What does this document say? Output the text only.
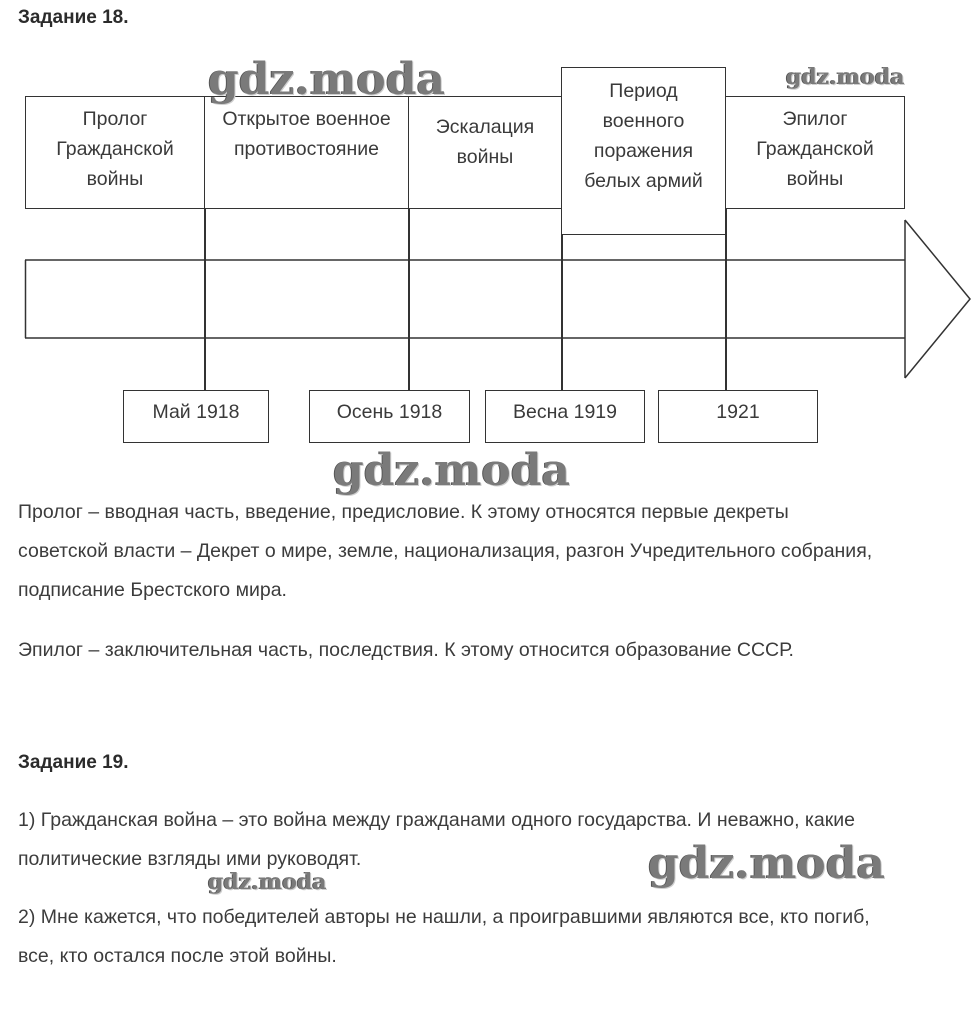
Задание 18.
Пролог Гражданской войны
Открытое военное противостояние
Эскалация войны
Период военного поражения белых армий
Эпилог Гражданской войны
Май 1918	Осень 1918	Весна 1919	1921
Пролог – вводная часть, введение, предисловие. К этому относятся первые декреты советской власти – Декрет о мире, земле, национализация, разгон Учредительного собрания, подписание Брестского мира.
Эпилог – заключительная часть, последствия. К этому относится образование СССР.
Задание 19.
1) Гражданская война – это война между гражданами одного государства. И неважно, какие политические взгляды ими руководят.
2) Мне кажется, что победителей авторы не нашли, а проигравшими являются все, кто погиб, все, кто остался после этой войны.
gdz.moda	gdz.moda
gdz.moda
gdz.moda
gdz.moda
